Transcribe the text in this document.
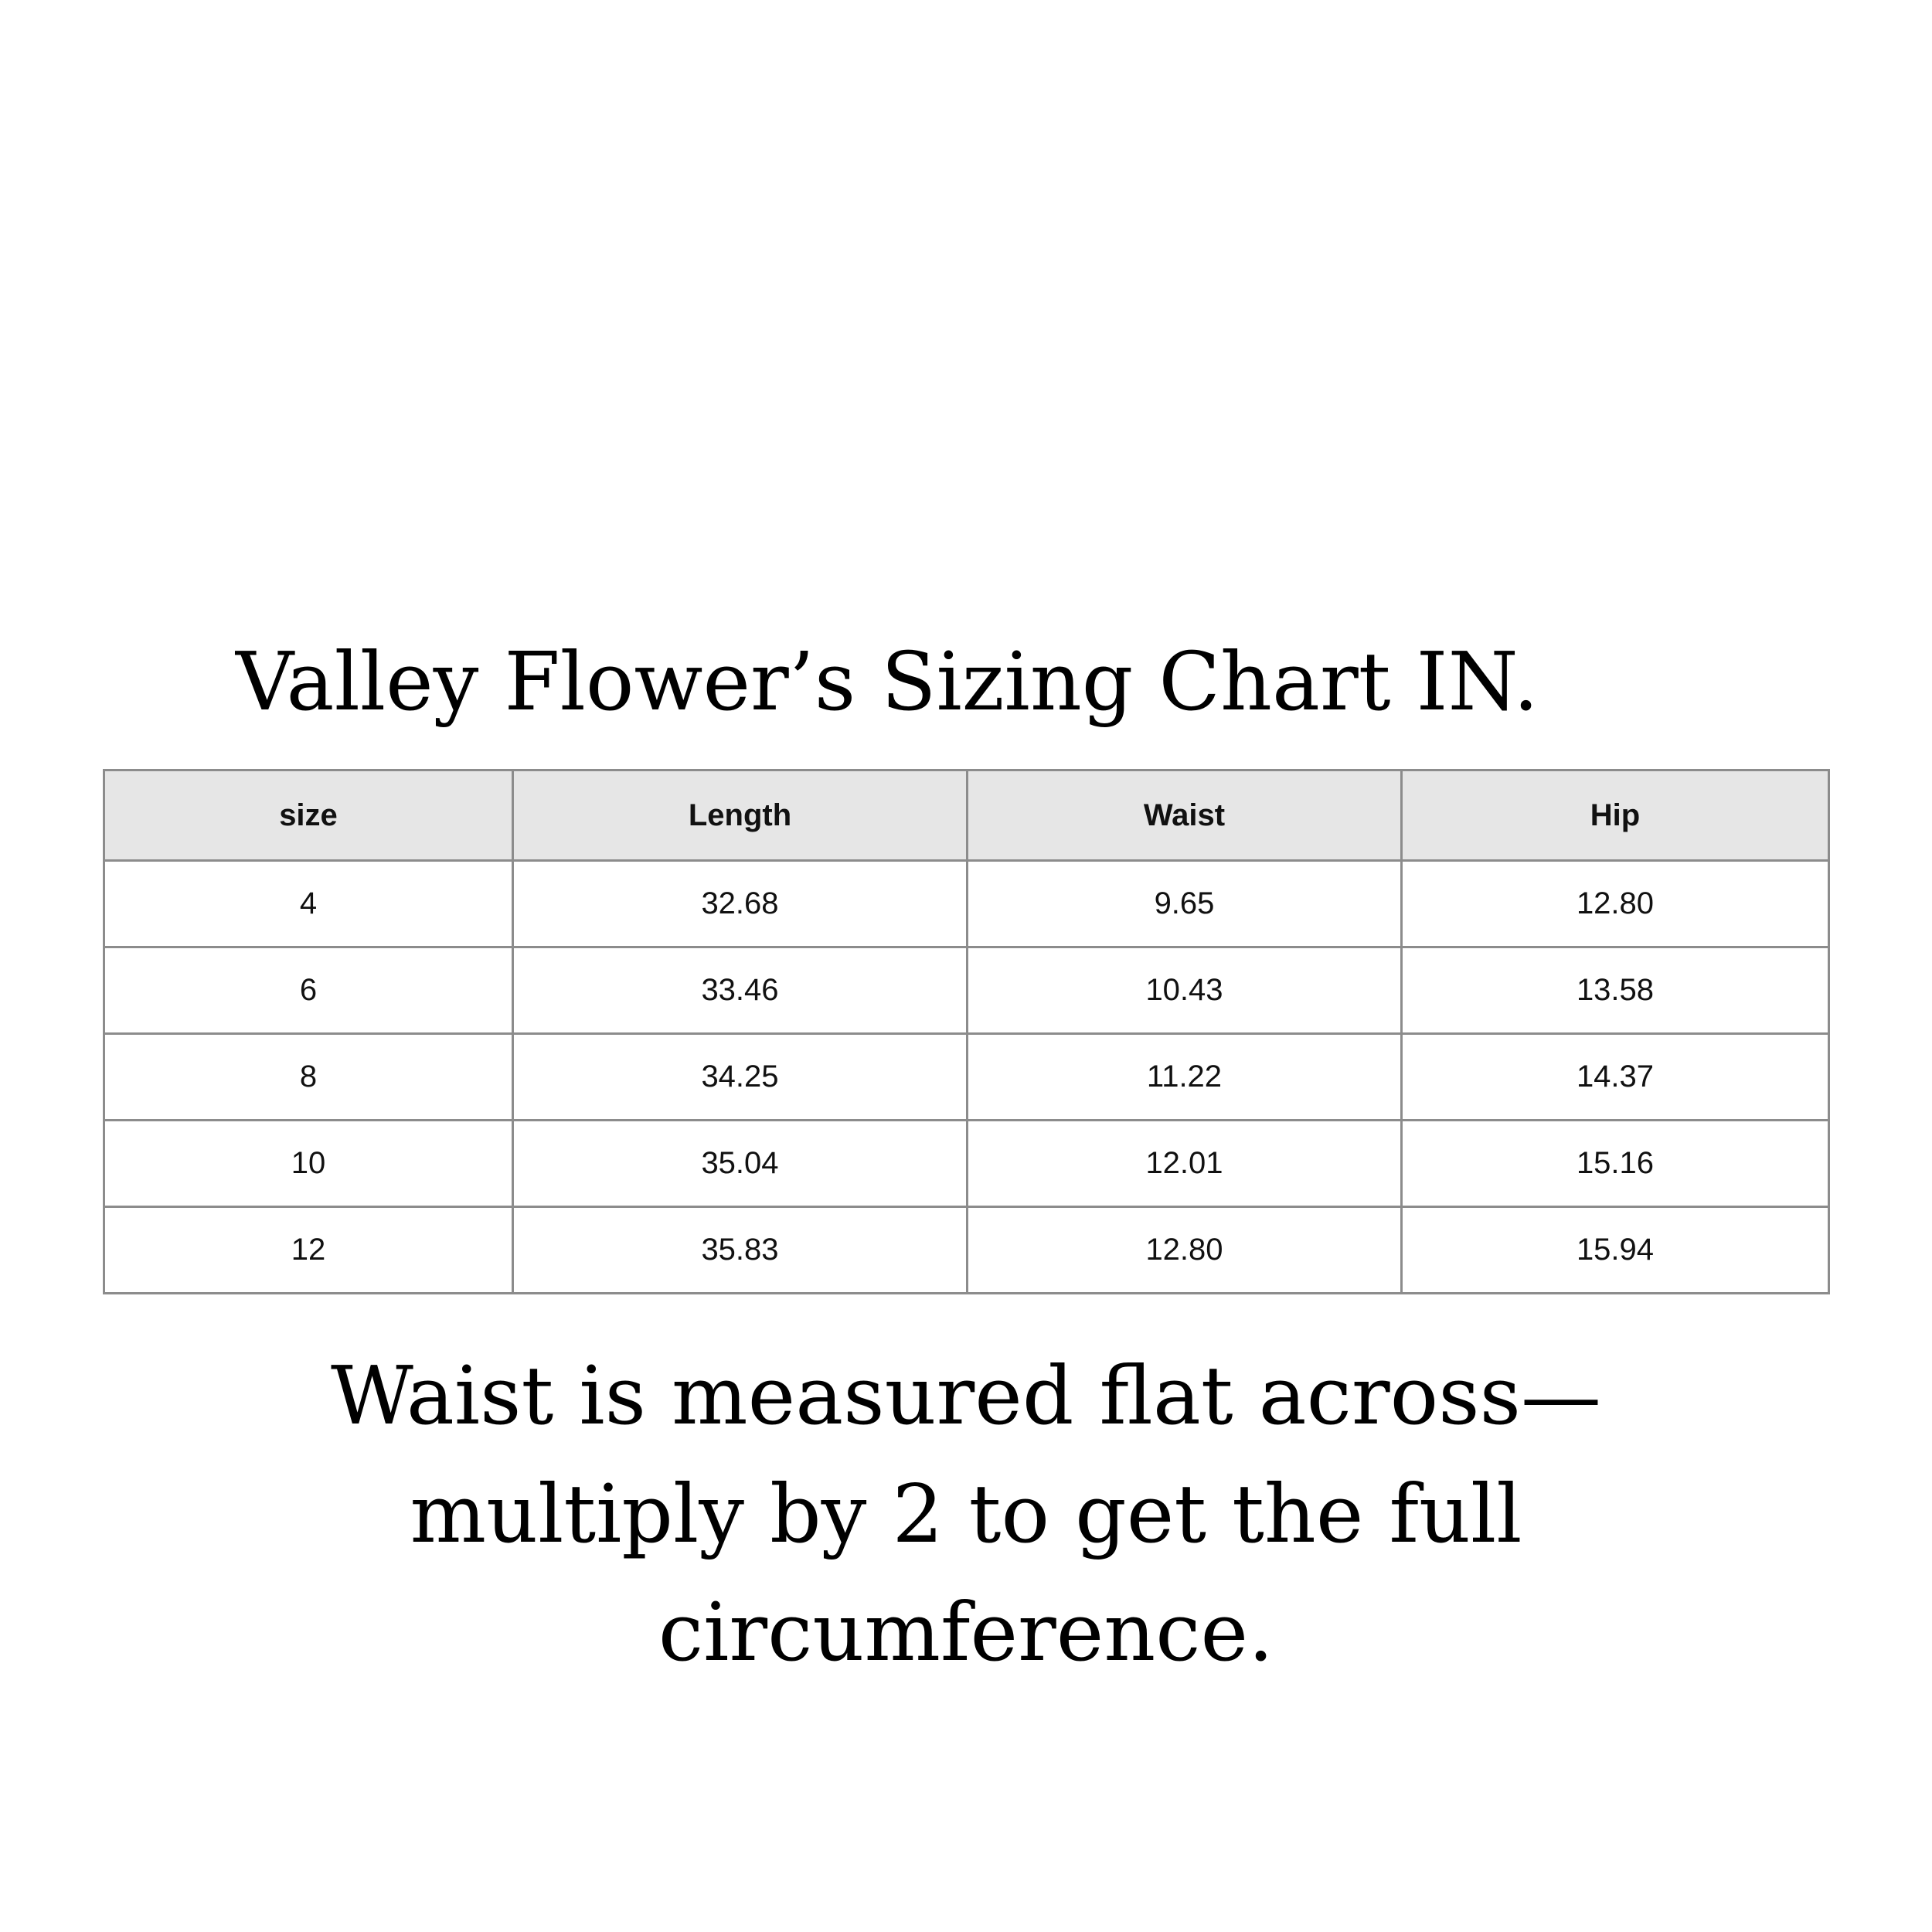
Valley Flower’s Sizing Chart IN.
size	Length	Waist	Hip
4	32.68	9.65	12.80
6	33.46	10.43	13.58
8	34.25	11.22	14.37
10	35.04	12.01	15.16
12	35.83	12.80	15.94
Waist is measured flat across—
multiply by 2 to get the full
circumference.
